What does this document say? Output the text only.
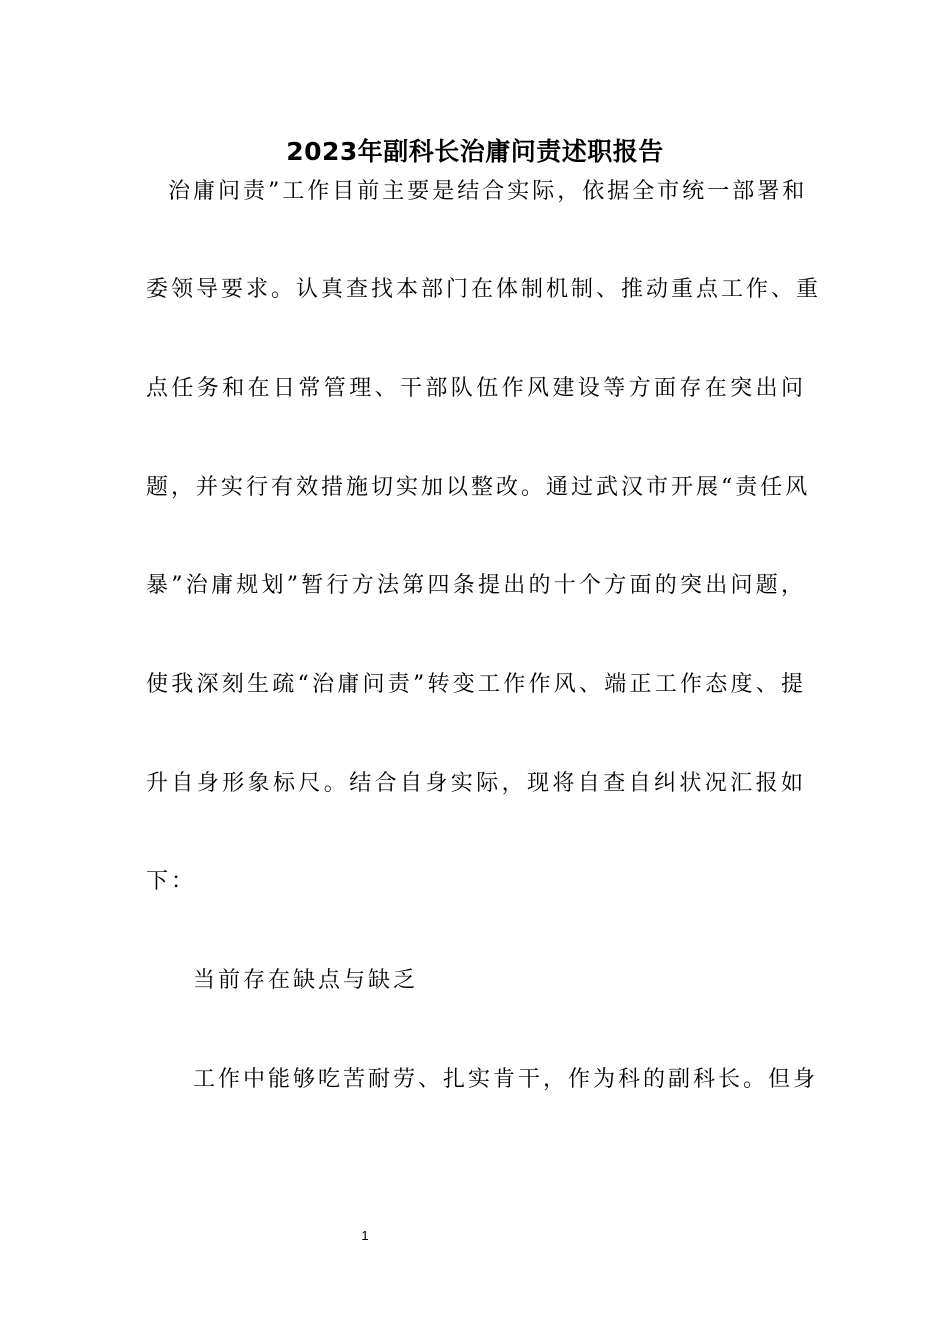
2023年副科长治庸问责述职报告
治庸问责”工作目前主要是结合实际，依据全市统一部署和
委领导要求。认真查找本部门在体制机制、推动重点工作、重
点任务和在日常管理、干部队伍作风建设等方面存在突出问
题，并实行有效措施切实加以整改。通过武汉市开展“责任风
暴”治庸规划”暂行方法第四条提出的十个方面的突出问题，
使我深刻生疏“治庸问责”转变工作作风、端正工作态度、提
升自身形象标尺。结合自身实际，现将自查自纠状况汇报如
下：
当前存在缺点与缺乏
工作中能够吃苦耐劳、扎实肯干，作为科的副科长。但身
1
